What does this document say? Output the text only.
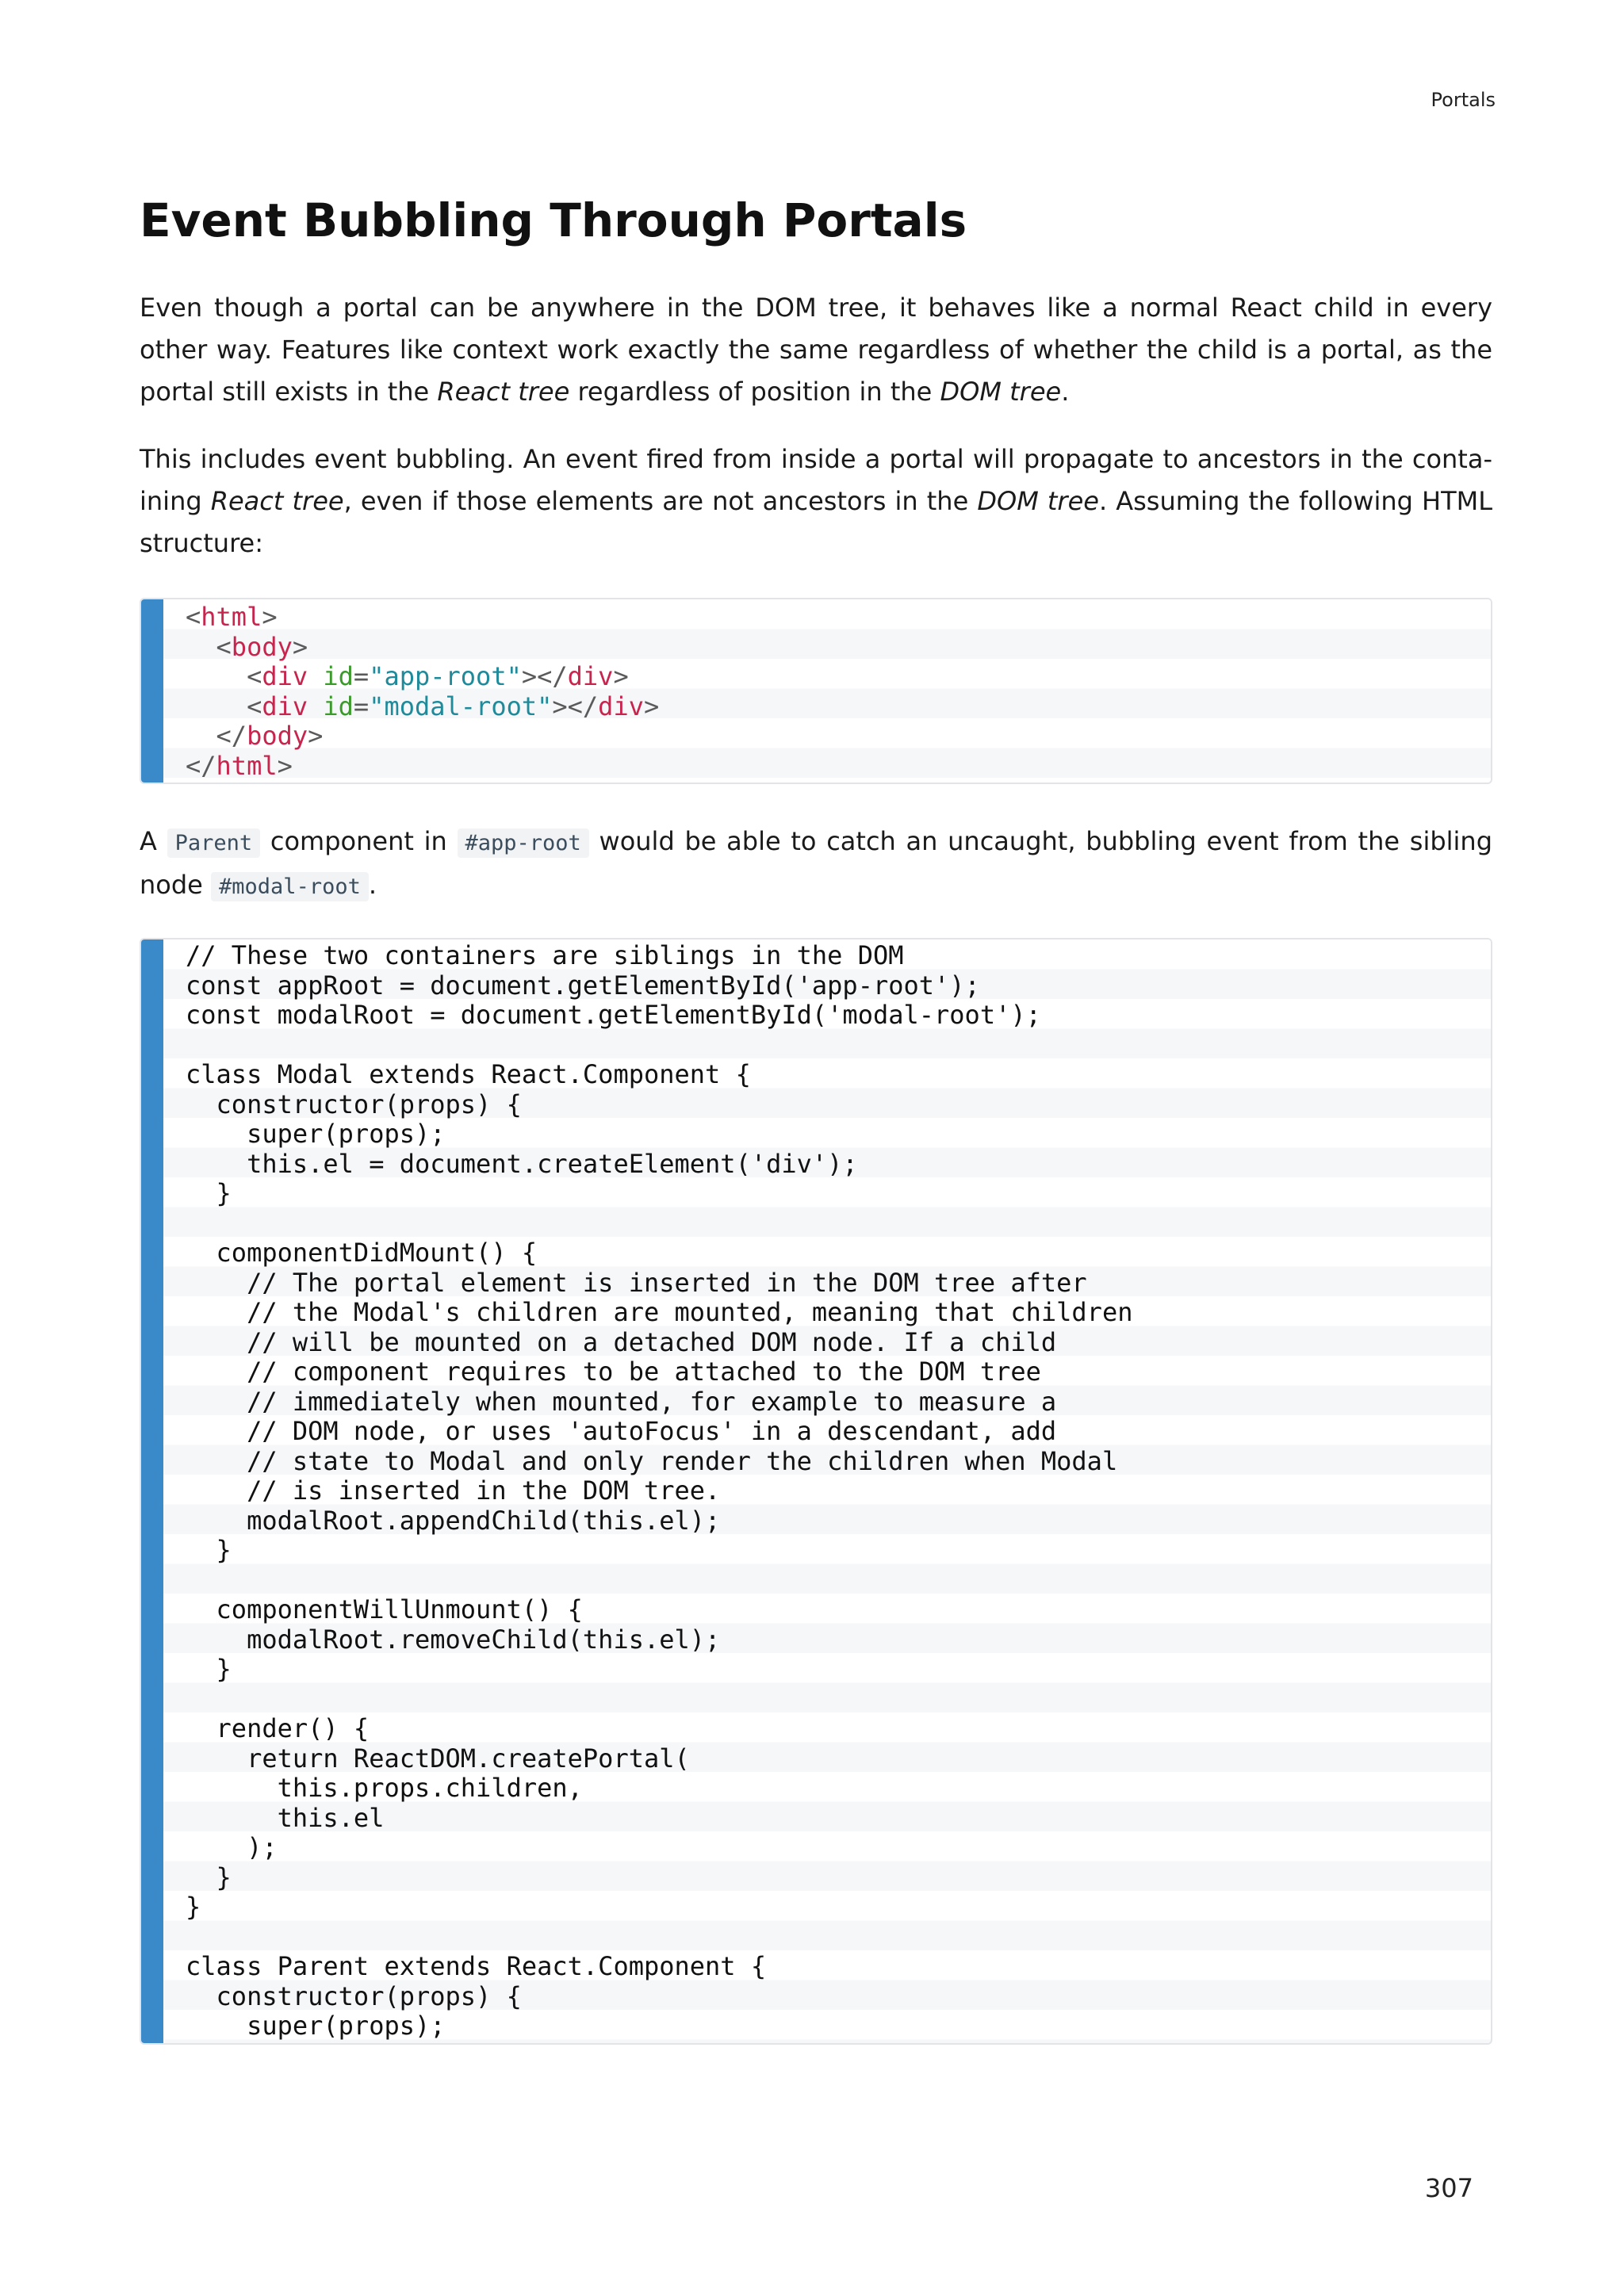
Portals
Event Bubbling Through Portals

Even though a portal can be anywhere in the DOM tree, it behaves like a normal React child in every other way. Features like context work exactly the same regardless of whether the child is a portal, as the portal still exists in the React tree regardless of position in the DOM tree.

This includes event bubbling. An event fired from inside a portal will propagate to ancestors in the containing React tree, even if those elements are not ancestors in the DOM tree. Assuming the following HTML structure:

<html>
<body>
<div id="app-root"></div>
<div id="modal-root"></div>
</body>
</html>

A Parent component in #app-root would be able to catch an uncaught, bubbling event from the sibling node #modal-root .

// These two containers are siblings in the DOM
const appRoot = document.getElementById('app-root');
const modalRoot = document.getElementById('modal-root');

class Modal extends React.Component {
constructor(props) {
super(props);
this.el = document.createElement('div');
}

componentDidMount() {
// The portal element is inserted in the DOM tree after
// the Modal's children are mounted, meaning that children
// will be mounted on a detached DOM node. If a child
// component requires to be attached to the DOM tree
// immediately when mounted, for example to measure a
// DOM node, or uses 'autoFocus' in a descendant, add
// state to Modal and only render the children when Modal
// is inserted in the DOM tree.
modalRoot.appendChild(this.el);
}

componentWillUnmount() {
modalRoot.removeChild(this.el);
}

render() {
return ReactDOM.createPortal(
this.props.children,
this.el
);
}
}

class Parent extends React.Component {
constructor(props) {
super(props);
307
